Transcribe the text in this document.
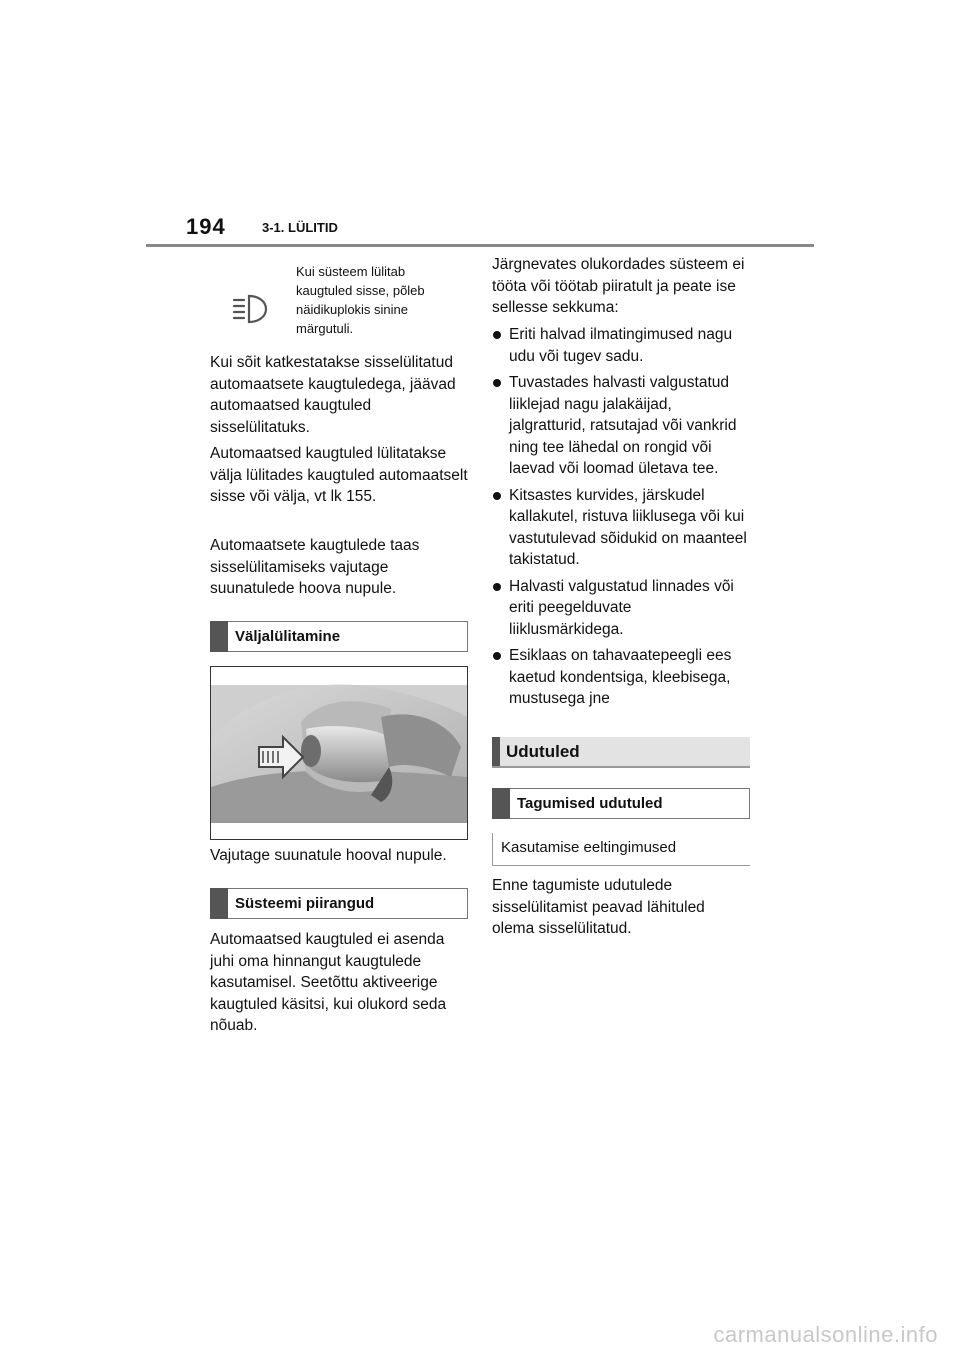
194	3-1. LÜLITID
Kui süsteem lülitab kaugtuled sisse, põleb näidikuplokis sinine märgutuli.

Kui sõit katkestatakse sisselülitatud automaatsete kaugtuledega, jäävad automaatsed kaugtuled sisselülitatuks.

Automaatsed kaugtuled lülitatakse välja lülitades kaugtuled automaatselt sisse või välja, vt lk 155.

Automaatsete kaugtulede taas sisselülitamiseks vajutage suunatulede hoova nupule.

Väljalülitamine

Vajutage suunatule hooval nupule.

Süsteemi piirangud

Automaatsed kaugtuled ei asenda juhi oma hinnangut kaugtulede kasutamisel. Seetõttu aktiveerige kaugtuled käsitsi, kui olukord seda nõuab.

Järgnevates olukordades süsteem ei tööta või töötab piiratult ja peate ise sellesse sekkuma:

Eriti halvad ilmatingimused nagu udu või tugev sadu.
Tuvastades halvasti valgustatud liiklejad nagu jalakäijad, jalgratturid, ratsutajad või vankrid ning tee lähedal on rongid või laevad või loomad ületava tee.
Kitsastes kurvides, järskudel kallakutel, ristuva liiklusega või kui vastutulevad sõidukid on maanteel takistatud.
Halvasti valgustatud linnades või eriti peegelduvate liiklusmärkidega.
Esiklaas on tahavaatepeegli ees kaetud kondentsiga, kleebisega, mustusega jne
Udutuled
Tagumised udutuled
Kasutamise eeltingimused

Enne tagumiste udutulede sisselülitamist peavad lähituled olema sisselülitatud.

carmanualsonline.info
